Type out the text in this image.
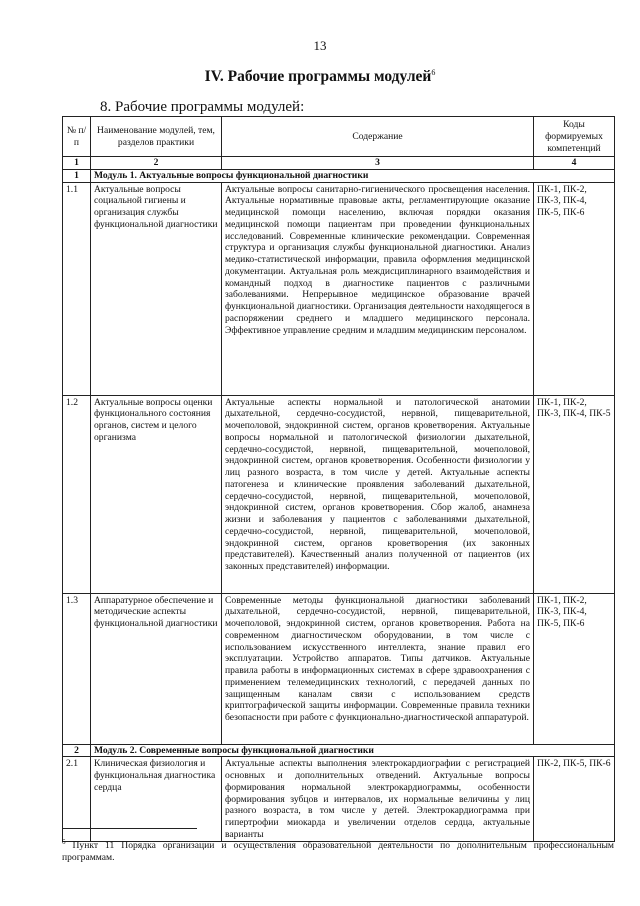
13
IV. Рабочие программы модулей$^6$
8. Рабочие программы модулей:
№ п/п	Наименование модулей, тем, разделов практики	Содержание	Коды формируемых компетенций
1	2	3	4
1	Модуль 1. Актуальные вопросы функциональной диагностики		
1.1	Актуальные вопросы социальной гигиены и организация службы функциональной диагностики	Актуальные вопросы санитарно-гигиенического просвещения населения. Актуальные нормативные правовые акты, регламентирующие оказание медицинской помощи населению, включая порядки оказания медицинской помощи пациентам при проведении функциональных исследований. Современные клинические рекомендации. Современная структура и организация службы функциональной диагностики. Анализ медико-статистической информации, правила оформления медицинской документации. Актуальная роль междисциплинарного взаимодействия и командный подход в диагностике пациентов с различными заболеваниями. Непрерывное медицинское образование врачей функциональной диагностики. Организация деятельности находящегося в распоряжении среднего и младшего медицинского персонала. Эффективное управление средним и младшим медицинским персоналом.	ПК-1, ПК-2, ПК-3, ПК-4, ПК-5, ПК-6
1.2	Актуальные вопросы оценки функционального состояния органов, систем и целого организма	Актуальные аспекты нормальной и патологической анатомии дыхательной, сердечно-сосудистой, нервной, пищеварительной, мочеполовой, эндокринной систем, органов кроветворения. Актуальные вопросы нормальной и патологической физиологии дыхательной, сердечно-сосудистой, нервной, пищеварительной, мочеполовой, эндокринной систем, органов кроветворения. Особенности физиологии у лиц разного возраста, в том числе у детей. Актуальные аспекты патогенеза и клинические проявления заболеваний дыхательной, сердечно-сосудистой, нервной, пищеварительной, мочеполовой, эндокринной систем, органов кроветворения. Сбор жалоб, анамнеза жизни и заболевания у пациентов с заболеваниями дыхательной, сердечно-сосудистой, нервной, пищеварительной, мочеполовой, эндокринной систем, органов кроветворения (их законных представителей). Качественный анализ полученной от пациентов (их законных представителей) информации.	ПК-1, ПК-2, ПК-3, ПК-4, ПК-5
1.3	Аппаратурное обеспечение и методические аспекты функциональной диагностики	Современные методы функциональной диагностики заболеваний дыхательной, сердечно-сосудистой, нервной, пищеварительной, мочеполовой, эндокринной систем, органов кроветворения. Работа на современном диагностическом оборудовании, в том числе с использованием искусственного интеллекта, знание правил его эксплуатации. Устройство аппаратов. Типы датчиков. Актуальные правила работы в информационных системах в сфере здравоохранения с применением телемедицинских технологий, с передачей данных по защищенным каналам связи с использованием средств криптографической защиты информации. Современные правила техники безопасности при работе с функционально-диагностической аппаратурой.	ПК-1, ПК-2, ПК-3, ПК-4, ПК-5, ПК-6
2	Модуль 2. Современные вопросы функциональной диагностики		
2.1	Клиническая физиология и функциональная диагностика сердца	Актуальные аспекты выполнения электрокардиографии с регистрацией основных и дополнительных отведений. Актуальные вопросы формирования нормальной электрокардиограммы, особенности формирования зубцов и интервалов, их нормальные величины у лиц разного возраста, в том числе у детей. Электрокардиограмма при гипертрофии миокарда и увеличении отделов сердца, актуальные варианты	ПК-2, ПК-5, ПК-6
$^6$ Пункт 11 Порядка организации и осуществления образовательной деятельности по дополнительным профессиональным программам.
